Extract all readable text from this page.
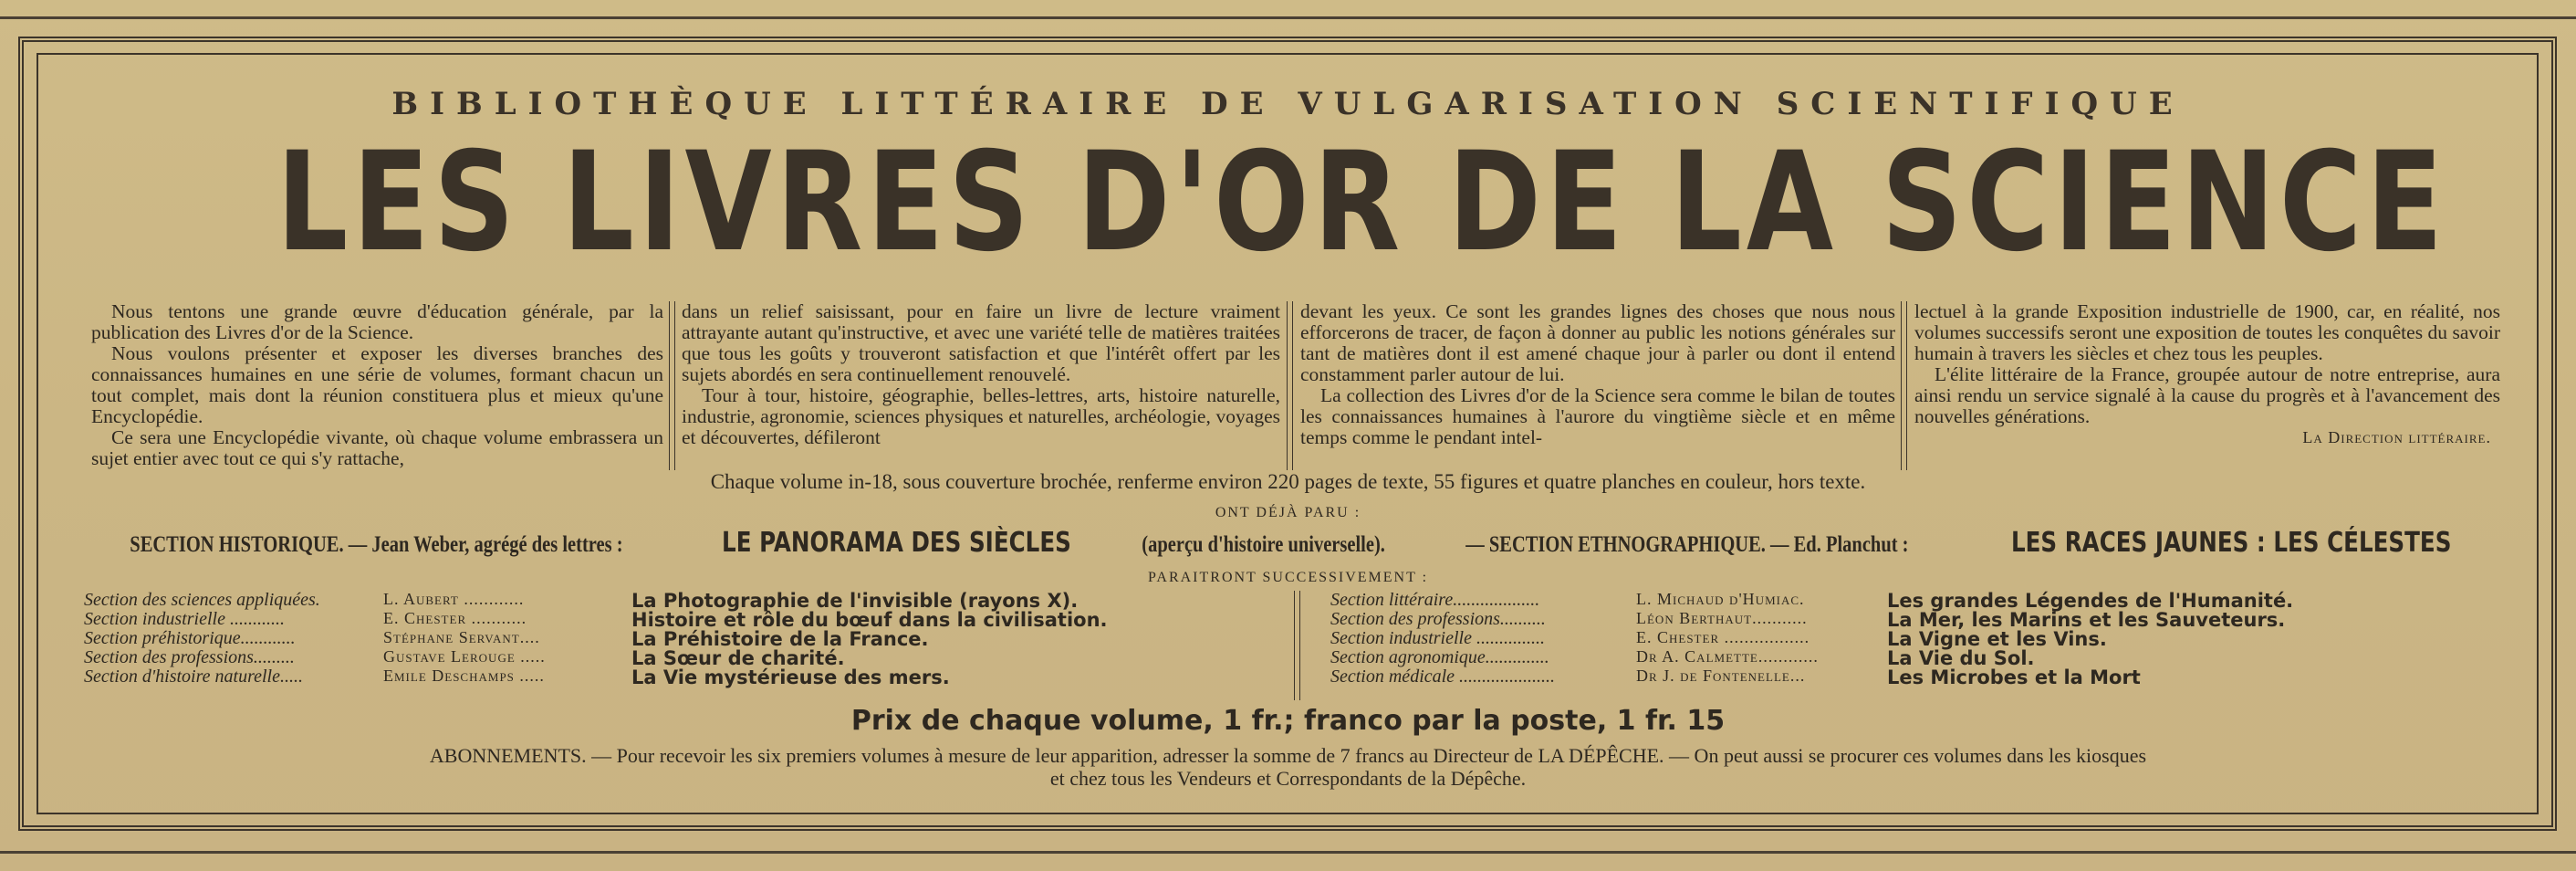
BIBLIOTHÈQUE LITTÉRAIRE DE VULGARISATION SCIENTIFIQUE
LES LIVRES D'OR DE LA SCIENCE

Nous tentons une grande œuvre d'éducation générale, par la publication des Livres d'or de la Science.

Nous voulons présenter et exposer les diverses branches des connaissances humaines en une série de volumes, formant chacun un tout complet, mais dont la réunion constituera plus et mieux qu'une Encyclopédie.

Ce sera une Encyclopédie vivante, où chaque volume embrassera un sujet entier avec tout ce qui s'y rattache,

dans un relief saisissant, pour en faire un livre de lecture vraiment attrayante autant qu'instructive, et avec une variété telle de matières traitées que tous les goûts y trouveront satisfaction et que l'intérêt offert par les sujets abordés en sera continuellement renouvelé.

Tour à tour, histoire, géographie, belles-lettres, arts, histoire naturelle, industrie, agronomie, sciences physiques et naturelles, archéologie, voyages et découvertes, défileront

devant les yeux. Ce sont les grandes lignes des choses que nous nous efforcerons de tracer, de façon à donner au public les notions générales sur tant de matières dont il est amené chaque jour à parler ou dont il entend constamment parler autour de lui.

La collection des Livres d'or de la Science sera comme le bilan de toutes les connaissances humaines à l'aurore du vingtième siècle et en même temps comme le pendant intel-

lectuel à la grande Exposition industrielle de 1900, car, en réalité, nos volumes successifs seront une exposition de toutes les conquêtes du savoir humain à travers les siècles et chez tous les peuples.

L'élite littéraire de la France, groupée autour de notre entreprise, aura ainsi rendu un service signalé à la cause du progrès et à l'avancement des nouvelles générations.

La Direction littéraire.
Chaque volume in-18, sous couverture brochée, renferme environ 220 pages de texte, 55 figures et quatre planches en couleur, hors texte.
ONT DÉJÀ PARU :
SECTION HISTORIQUE. — Jean Weber, agrégé des lettres :	LE PANORAMA DES SIÈCLES	(aperçu d'histoire universelle).	— SECTION ETHNOGRAPHIQUE. — Ed. Planchut :	LES RACES JAUNES : LES CÉLESTES
PARAITRONT SUCCESSIVEMENT :
Section des sciences appliquées.	L. Aubert ............	La Photographie de l'invisible (rayons X).
Section industrielle ............	E. Chester ...........	Histoire et rôle du bœuf dans la civilisation.
Section préhistorique............	Stéphane Servant....	La Préhistoire de la France.
Section des professions.........	Gustave Lerouge .....	La Sœur de charité.
Section d'histoire naturelle.....	Emile Deschamps .....	La Vie mystérieuse des mers.
Section littéraire...................	L. Michaud d'Humiac.	Les grandes Légendes de l'Humanité.
Section des professions..........	Léon Berthaut...........	La Mer, les Marins et les Sauveteurs.
Section industrielle ...............	E. Chester .................	La Vigne et les Vins.
Section agronomique..............	Dr A. Calmette............	La Vie du Sol.
Section médicale .....................	Dr J. de Fontenelle...	Les Microbes et la Mort
Prix de chaque volume, 1 fr.; franco par la poste, 1 fr. 15
ABONNEMENTS. — Pour recevoir les six premiers volumes à mesure de leur apparition, adresser la somme de 7 francs au Directeur de LA DÉPÊCHE. — On peut aussi se procurer ces volumes dans les kiosques
et chez tous les Vendeurs et Correspondants de la Dépêche.
